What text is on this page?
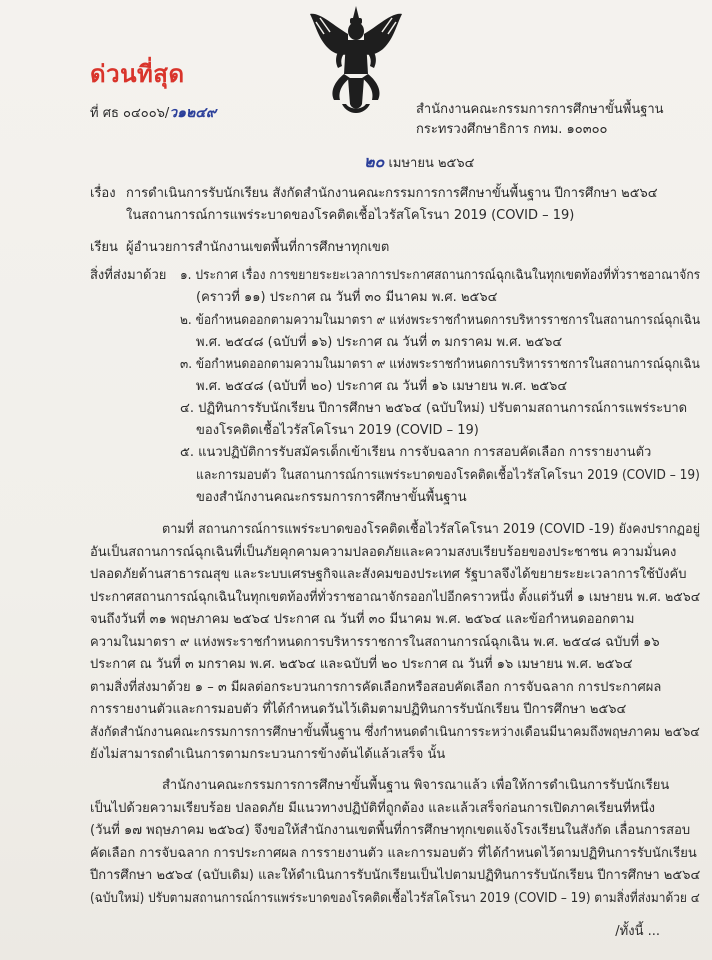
ด่วนที่สุด
ที่ ศธ ๐๔๐๐๖/ว๑๒๔๙	สำนักงานคณะกรรมการการศึกษาขั้นพื้นฐาน
กระทรวงศึกษาธิการ กทม. ๑๐๓๐๐
๒๐ เมษายน ๒๕๖๔
เรื่อง การดำเนินการรับนักเรียน สังกัดสำนักงานคณะกรรมการการศึกษาขั้นพื้นฐาน ปีการศึกษา ๒๕๖๔
ในสถานการณ์การแพร่ระบาดของโรคติดเชื้อไวรัสโคโรนา 2019 (COVID – 19)
เรียน ผู้อำนวยการสำนักงานเขตพื้นที่การศึกษาทุกเขต
สิ่งที่ส่งมาด้วย ๑. ประกาศ เรื่อง การขยายระยะเวลาการประกาศสถานการณ์ฉุกเฉินในทุกเขตท้องที่ทั่วราชอาณาจักร
(คราวที่ ๑๑) ประกาศ ณ วันที่ ๓๐ มีนาคม พ.ศ. ๒๕๖๔
๒. ข้อกำหนดออกตามความในมาตรา ๙ แห่งพระราชกำหนดการบริหารราชการในสถานการณ์ฉุกเฉิน
พ.ศ. ๒๕๔๘ (ฉบับที่ ๑๖) ประกาศ ณ วันที่ ๓ มกราคม พ.ศ. ๒๕๖๔
๓. ข้อกำหนดออกตามความในมาตรา ๙ แห่งพระราชกำหนดการบริหารราชการในสถานการณ์ฉุกเฉิน
พ.ศ. ๒๕๔๘ (ฉบับที่ ๒๐) ประกาศ ณ วันที่ ๑๖ เมษายน พ.ศ. ๒๕๖๔
๔. ปฏิทินการรับนักเรียน ปีการศึกษา ๒๕๖๔ (ฉบับใหม่) ปรับตามสถานการณ์การแพร่ระบาด
ของโรคติดเชื้อไวรัสโคโรนา 2019 (COVID – 19)
๕. แนวปฏิบัติการรับสมัครเด็กเข้าเรียน การจับฉลาก การสอบคัดเลือก การรายงานตัว
และการมอบตัว ในสถานการณ์การแพร่ระบาดของโรคติดเชื้อไวรัสโคโรนา 2019 (COVID – 19)
ของสำนักงานคณะกรรมการการศึกษาขั้นพื้นฐาน
ตามที่ สถานการณ์การแพร่ระบาดของโรคติดเชื้อไวรัสโคโรนา 2019 (COVID -19) ยังคงปรากฏอยู่
อันเป็นสถานการณ์ฉุกเฉินที่เป็นภัยคุกคามความปลอดภัยและความสงบเรียบร้อยของประชาชน ความมั่นคง
ปลอดภัยด้านสาธารณสุข และระบบเศรษฐกิจและสังคมของประเทศ รัฐบาลจึงได้ขยายระยะเวลาการใช้บังคับ
ประกาศสถานการณ์ฉุกเฉินในทุกเขตท้องที่ทั่วราชอาณาจักรออกไปอีกคราวหนึ่ง ตั้งแต่วันที่ ๑ เมษายน พ.ศ. ๒๕๖๔
จนถึงวันที่ ๓๑ พฤษภาคม ๒๕๖๔ ประกาศ ณ วันที่ ๓๐ มีนาคม พ.ศ. ๒๕๖๔ และข้อกำหนดออกตาม
ความในมาตรา ๙ แห่งพระราชกำหนดการบริหารราชการในสถานการณ์ฉุกเฉิน พ.ศ. ๒๕๔๘ ฉบับที่ ๑๖
ประกาศ ณ วันที่ ๓ มกราคม พ.ศ. ๒๕๖๔ และฉบับที่ ๒๐ ประกาศ ณ วันที่ ๑๖ เมษายน พ.ศ. ๒๕๖๔
ตามสิ่งที่ส่งมาด้วย ๑ – ๓ มีผลต่อกระบวนการการคัดเลือกหรือสอบคัดเลือก การจับฉลาก การประกาศผล
การรายงานตัวและการมอบตัว ที่ได้กำหนดวันไว้เดิมตามปฏิทินการรับนักเรียน ปีการศึกษา ๒๕๖๔
สังกัดสำนักงานคณะกรรมการการศึกษาขั้นพื้นฐาน ซึ่งกำหนดดำเนินการระหว่างเดือนมีนาคมถึงพฤษภาคม ๒๕๖๔
ยังไม่สามารถดำเนินการตามกระบวนการข้างต้นได้แล้วเสร็จ นั้น
สำนักงานคณะกรรมการการศึกษาขั้นพื้นฐาน พิจารณาแล้ว เพื่อให้การดำเนินการรับนักเรียน
เป็นไปด้วยความเรียบร้อย ปลอดภัย มีแนวทางปฏิบัติที่ถูกต้อง และแล้วเสร็จก่อนการเปิดภาคเรียนที่หนึ่ง
(วันที่ ๑๗ พฤษภาคม ๒๕๖๔) จึงขอให้สำนักงานเขตพื้นที่การศึกษาทุกเขตแจ้งโรงเรียนในสังกัด เลื่อนการสอบ
คัดเลือก การจับฉลาก การประกาศผล การรายงานตัว และการมอบตัว ที่ได้กำหนดไว้ตามปฏิทินการรับนักเรียน
ปีการศึกษา ๒๕๖๔ (ฉบับเดิม) และให้ดำเนินการรับนักเรียนเป็นไปตามปฏิทินการรับนักเรียน ปีการศึกษา ๒๕๖๔
(ฉบับใหม่) ปรับตามสถานการณ์การแพร่ระบาดของโรคติดเชื้อไวรัสโคโรนา 2019 (COVID – 19) ตามสิ่งที่ส่งมาด้วย ๔
/ทั้งนี้ ...
